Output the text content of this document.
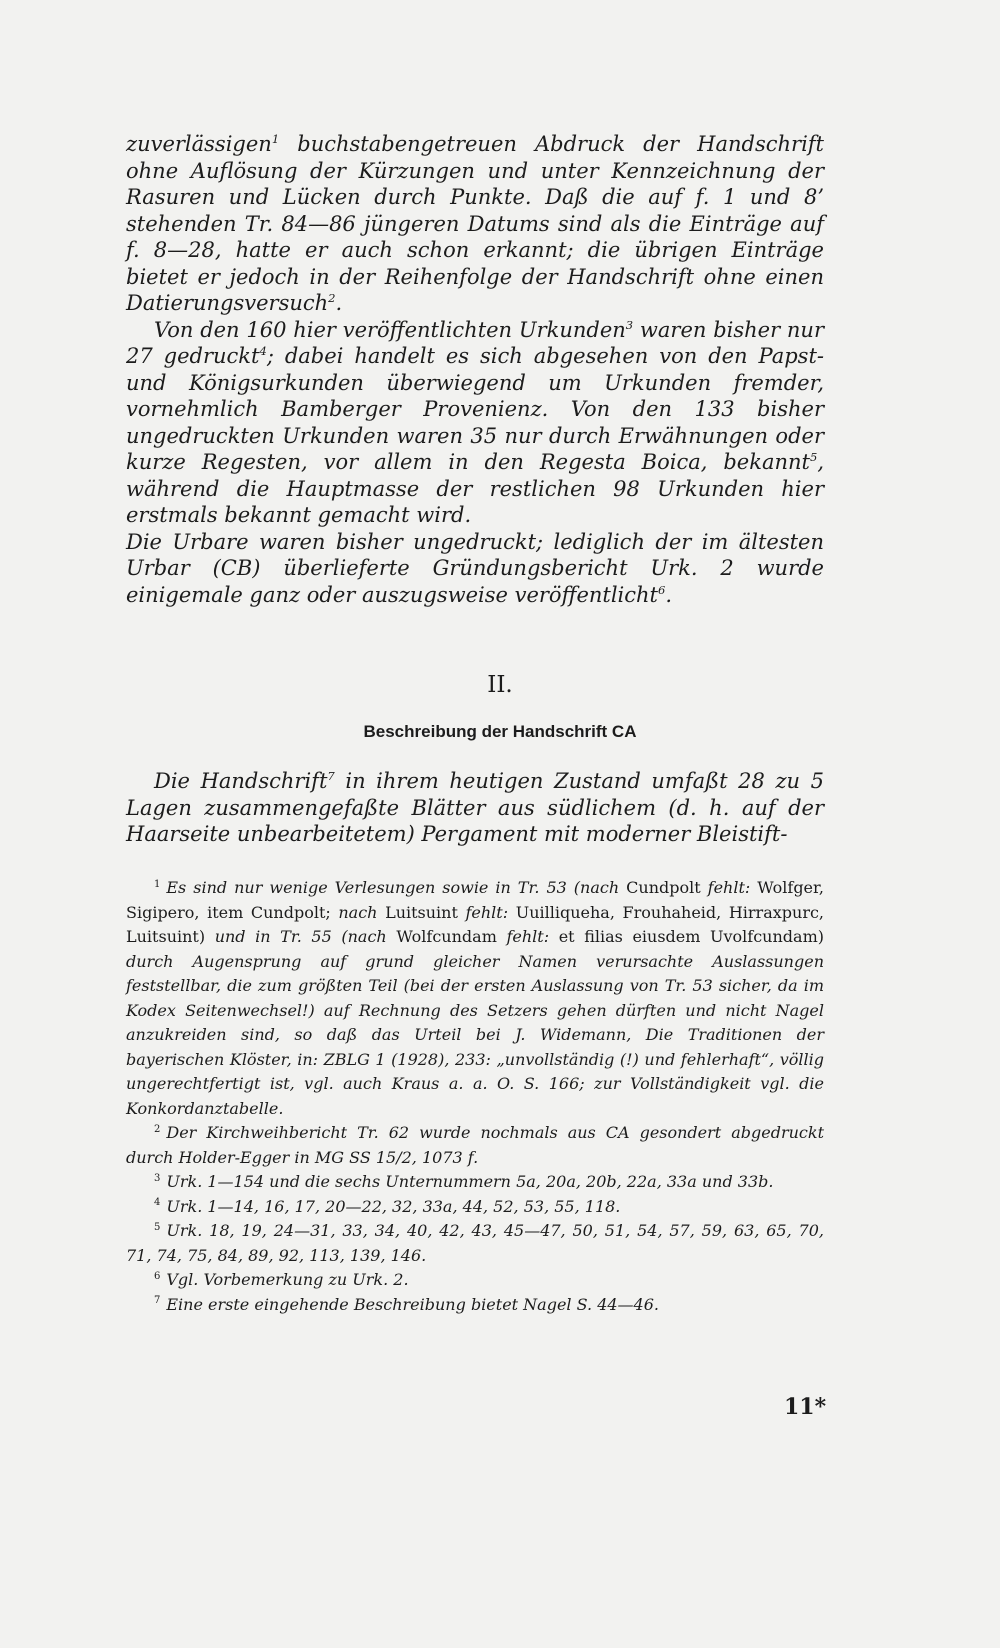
zuverlässigen$^1$ buchstabengetreuen Abdruck der Handschrift ohne Auflösung der Kürzungen und unter Kennzeichnung der Rasuren und Lücken durch Punkte. Daß die auf f. 1 und 8’ stehenden Tr. 84—86 jüngeren Datums sind als die Einträge auf f. 8—28, hatte er auch schon erkannt; die übrigen Einträge bietet er jedoch in der Reihenfolge der Handschrift ohne einen Datierungsversuch$^2$.

Von den 160 hier veröffentlichten Urkunden$^3$ waren bisher nur 27 gedruckt$^4$; dabei handelt es sich abgesehen von den Papst- und Königsurkunden überwiegend um Urkunden fremder, vornehmlich Bamberger Provenienz. Von den 133 bisher ungedruckten Urkunden waren 35 nur durch Erwähnungen oder kurze Regesten, vor allem in den Regesta Boica, bekannt$^5$, während die Hauptmasse der restlichen 98 Urkunden hier erstmals bekannt gemacht wird.

Die Urbare waren bisher ungedruckt; lediglich der im ältesten Urbar (CB) überlieferte Gründungsbericht Urk. 2 wurde einigemale ganz oder auszugsweise veröffentlicht$^6$.

II.
Beschreibung der Handschrift CA

Die Handschrift$^7$ in ihrem heutigen Zustand umfaßt 28 zu 5 Lagen zusammengefaßte Blätter aus südlichem (d. h. auf der Haarseite unbearbeitetem) Pergament mit moderner Bleistift-

$^1$ Es sind nur wenige Verlesungen sowie in Tr. 53 (nach Cundpolt fehlt: Wolfger, Sigipero, item Cundpolt; nach Luitsuint fehlt: Uuilliqueha, Frouhaheid, Hirraxpurc, Luitsuint) und in Tr. 55 (nach Wolfcundam fehlt: et filias eiusdem Uvolfcundam) durch Augensprung auf grund gleicher Namen verursachte Auslassungen feststellbar, die zum größten Teil (bei der ersten Auslassung von Tr. 53 sicher, da im Kodex Seitenwechsel!) auf Rechnung des Setzers gehen dürften und nicht Nagel anzukreiden sind, so daß das Urteil bei J. Widemann, Die Traditionen der bayerischen Klöster, in: ZBLG 1 (1928), 233: „unvollständig (!) und fehlerhaft“, völlig ungerechtfertigt ist, vgl. auch Kraus a. a. O. S. 166; zur Vollständigkeit vgl. die Konkordanztabelle.

$^2$ Der Kirchweihbericht Tr. 62 wurde nochmals aus CA gesondert abgedruckt durch Holder-Egger in MG SS 15/2, 1073 f.

$^3$ Urk. 1—154 und die sechs Unternummern 5a, 20a, 20b, 22a, 33a und 33b.

$^4$ Urk. 1—14, 16, 17, 20—22, 32, 33a, 44, 52, 53, 55, 118.

$^5$ Urk. 18, 19, 24—31, 33, 34, 40, 42, 43, 45—47, 50, 51, 54, 57, 59, 63, 65, 70, 71, 74, 75, 84, 89, 92, 113, 139, 146.

$^6$ Vgl. Vorbemerkung zu Urk. 2.

$^7$ Eine erste eingehende Beschreibung bietet Nagel S. 44—46.

11*
